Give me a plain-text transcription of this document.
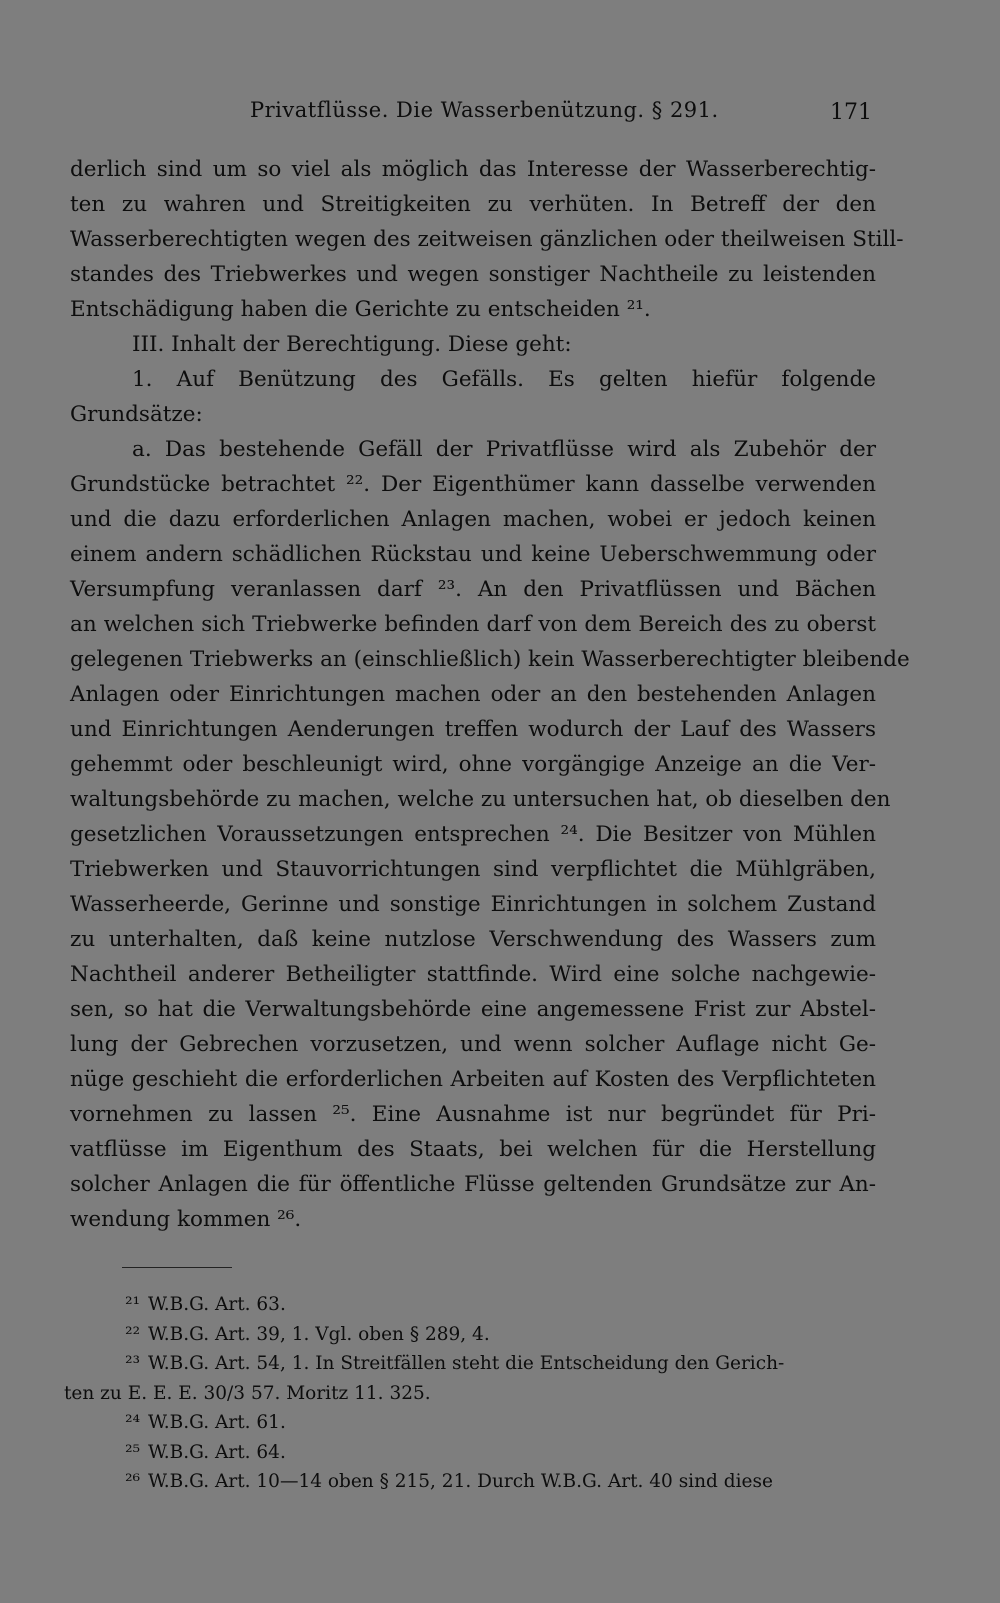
Privatflüsse. Die Wasserbenützung. § 291.	171
derlich sind um so viel als möglich das Interesse der Wasserberechtig-
ten zu wahren und Streitigkeiten zu verhüten. In Betreff der den
Wasserberechtigten wegen des zeitweisen gänzlichen oder theilweisen Still-
standes des Triebwerkes und wegen sonstiger Nachtheile zu leistenden
Entschädigung haben die Gerichte zu entscheiden ²¹.
III. Inhalt der Berechtigung. Diese geht:
1. Auf Benützung des Gefälls. Es gelten hiefür folgende
Grundsätze:
a. Das bestehende Gefäll der Privatflüsse wird als Zubehör der
Grundstücke betrachtet ²². Der Eigenthümer kann dasselbe verwenden
und die dazu erforderlichen Anlagen machen, wobei er jedoch keinen
einem andern schädlichen Rückstau und keine Ueberschwemmung oder
Versumpfung veranlassen darf ²³. An den Privatflüssen und Bächen
an welchen sich Triebwerke befinden darf von dem Bereich des zu oberst
gelegenen Triebwerks an (einschließlich) kein Wasserberechtigter bleibende
Anlagen oder Einrichtungen machen oder an den bestehenden Anlagen
und Einrichtungen Aenderungen treffen wodurch der Lauf des Wassers
gehemmt oder beschleunigt wird, ohne vorgängige Anzeige an die Ver-
waltungsbehörde zu machen, welche zu untersuchen hat, ob dieselben den
gesetzlichen Voraussetzungen entsprechen ²⁴. Die Besitzer von Mühlen
Triebwerken und Stauvorrichtungen sind verpflichtet die Mühlgräben,
Wasserheerde, Gerinne und sonstige Einrichtungen in solchem Zustand
zu unterhalten, daß keine nutzlose Verschwendung des Wassers zum
Nachtheil anderer Betheiligter stattfinde. Wird eine solche nachgewie-
sen, so hat die Verwaltungsbehörde eine angemessene Frist zur Abstel-
lung der Gebrechen vorzusetzen, und wenn solcher Auflage nicht Ge-
nüge geschieht die erforderlichen Arbeiten auf Kosten des Verpflichteten
vornehmen zu lassen ²⁵. Eine Ausnahme ist nur begründet für Pri-
vatflüsse im Eigenthum des Staats, bei welchen für die Herstellung
solcher Anlagen die für öffentliche Flüsse geltenden Grundsätze zur An-
wendung kommen ²⁶.
²¹ W.B.G. Art. 63.
²² W.B.G. Art. 39, 1. Vgl. oben § 289, 4.
²³ W.B.G. Art. 54, 1. In Streitfällen steht die Entscheidung den Gerich-
ten zu E. E. E. 30/3 57. Moritz 11. 325.
²⁴ W.B.G. Art. 61.
²⁵ W.B.G. Art. 64.
²⁶ W.B.G. Art. 10—14 oben § 215, 21. Durch W.B.G. Art. 40 sind diese
